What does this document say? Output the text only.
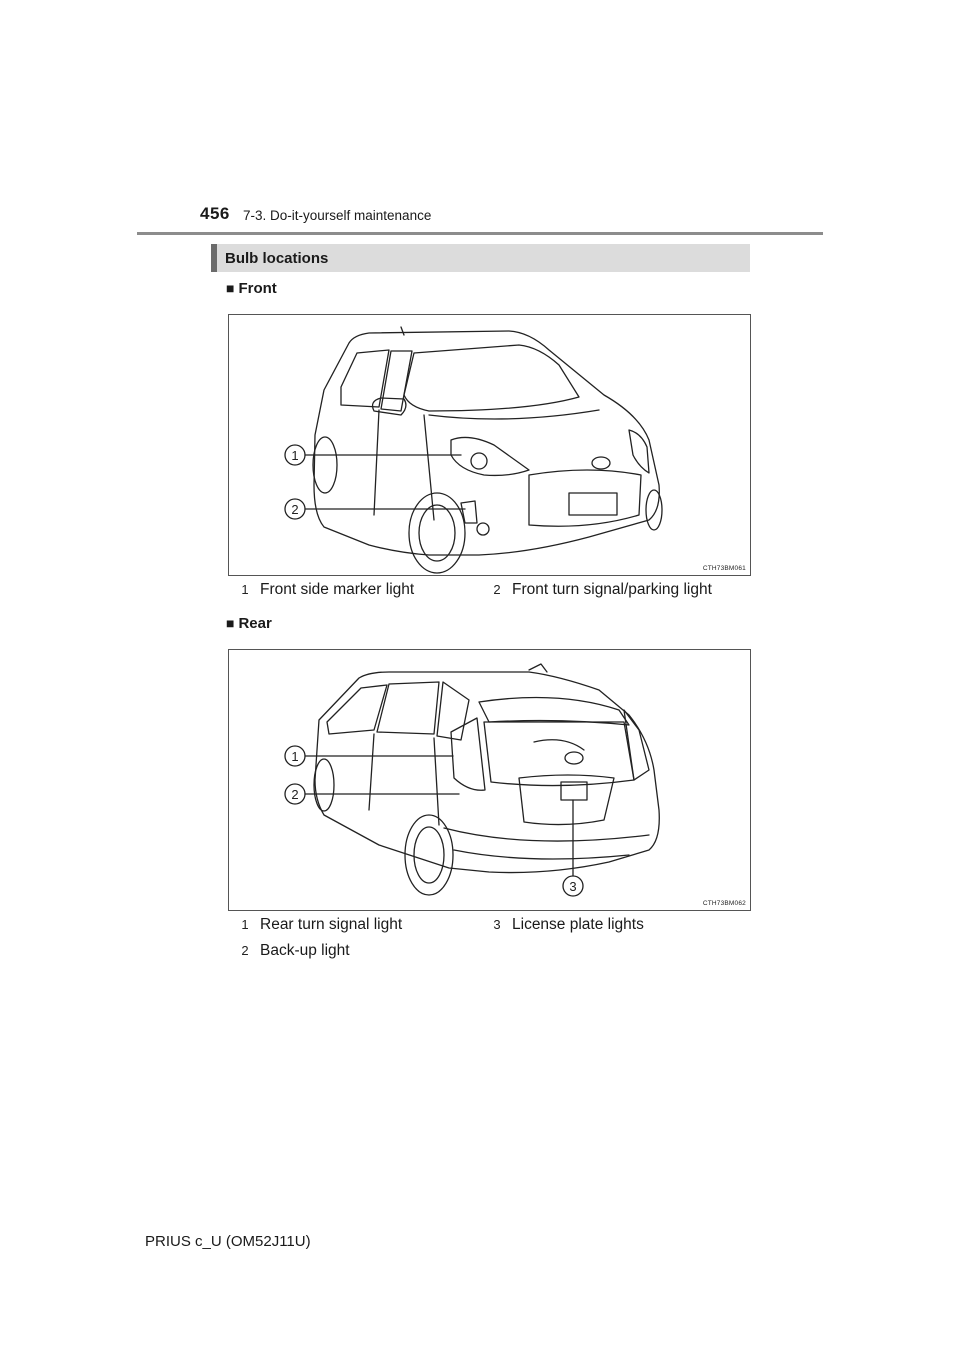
456 7-3. Do-it-yourself maintenance
Bulb locations
■ Front
1
2
CTH73BM061
1 Front side marker light	2 Front turn signal/parking light
■ Rear
1
2
3
CTH73BM062
1 Rear turn signal light
2 Back-up light
3 License plate lights
PRIUS c_U (OM52J11U)
